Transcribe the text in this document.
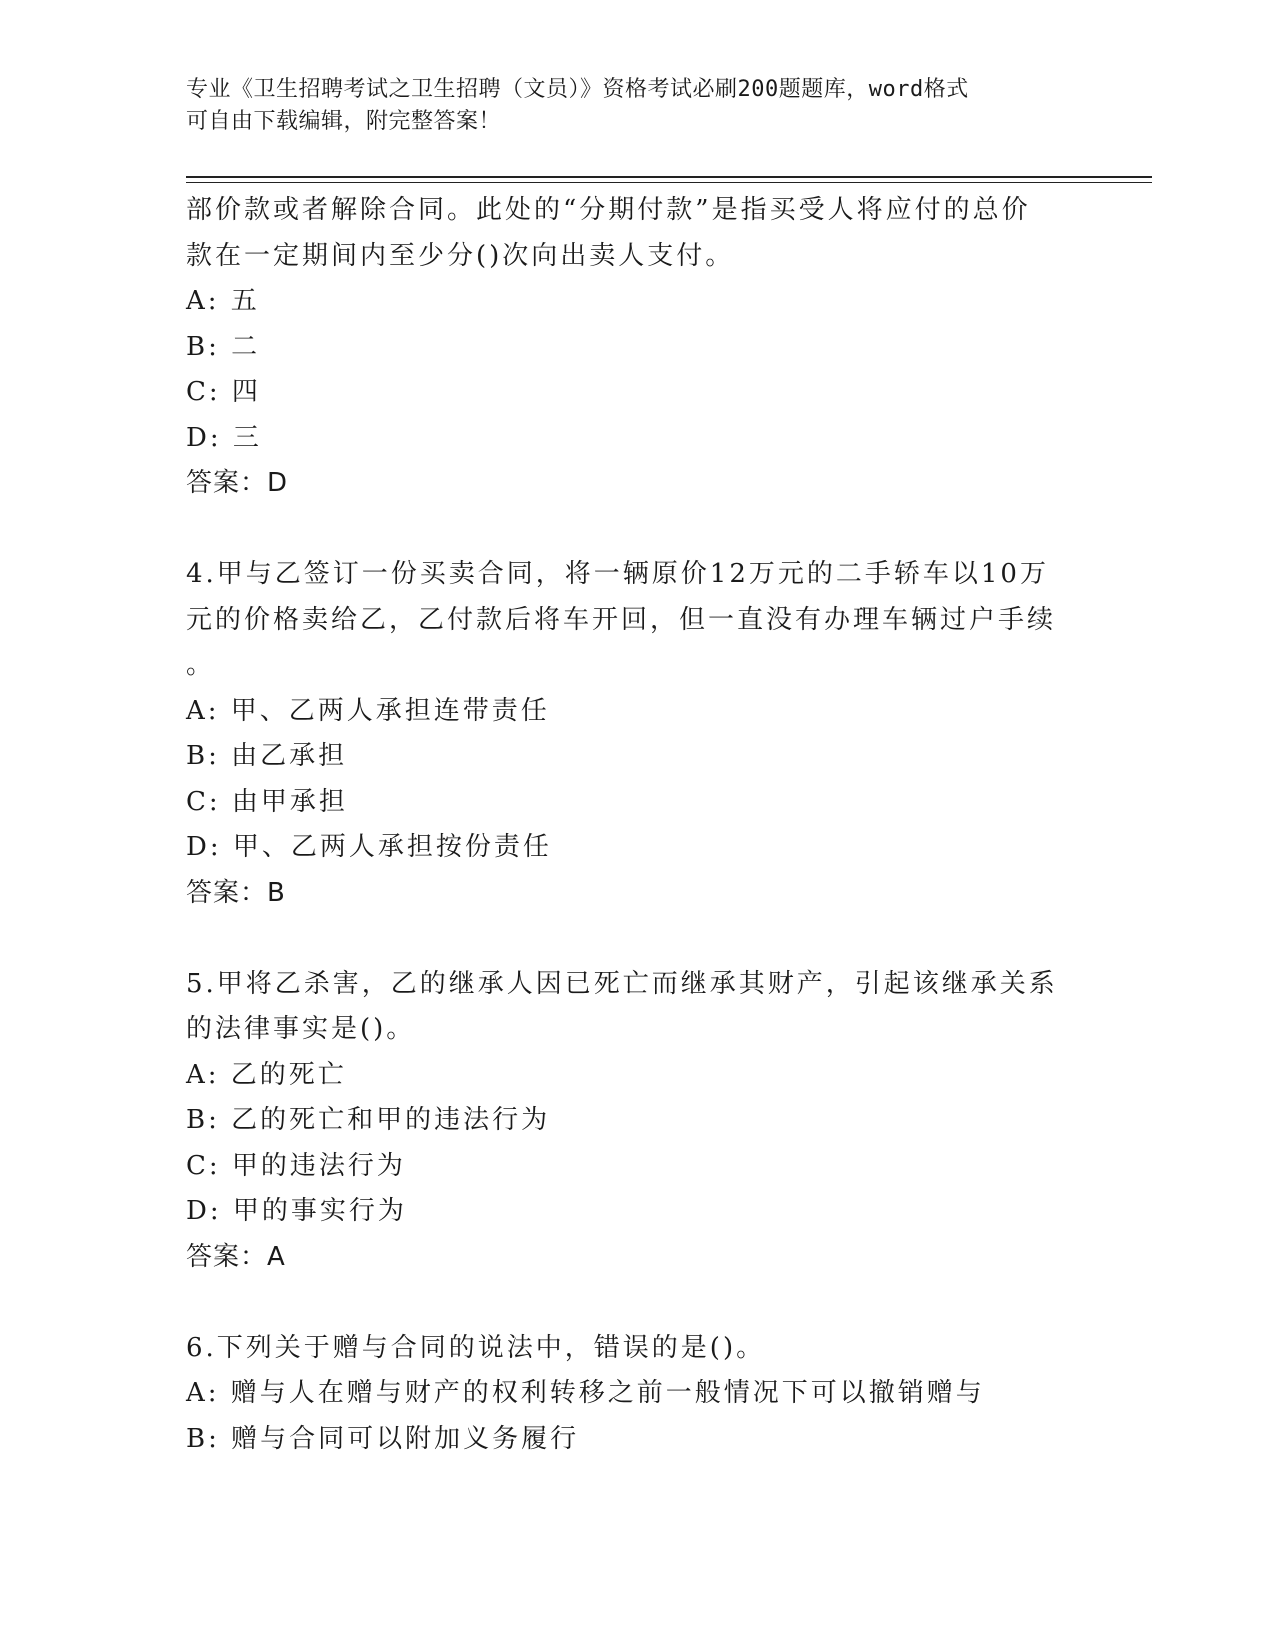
专业《卫生招聘考试之卫生招聘（文员）》资格考试必刷200题题库，word格式
可自由下载编辑，附完整答案！
部价款或者解除合同。此处的“分期付款”是指买受人将应付的总价
款在一定期间内至少分()次向出卖人支付。
A: 五
B: 二
C: 四
D: 三
答案：D
4.甲与乙签订一份买卖合同，将一辆原价12万元的二手轿车以10万
元的价格卖给乙，乙付款后将车开回，但一直没有办理车辆过户手续
。
A: 甲、乙两人承担连带责任
B: 由乙承担
C: 由甲承担
D: 甲、乙两人承担按份责任
答案：B
5.甲将乙杀害，乙的继承人因已死亡而继承其财产，引起该继承关系
的法律事实是()。
A: 乙的死亡
B: 乙的死亡和甲的违法行为
C: 甲的违法行为
D: 甲的事实行为
答案：A
6.下列关于赠与合同的说法中，错误的是()。
A: 赠与人在赠与财产的权利转移之前一般情况下可以撤销赠与
B: 赠与合同可以附加义务履行
